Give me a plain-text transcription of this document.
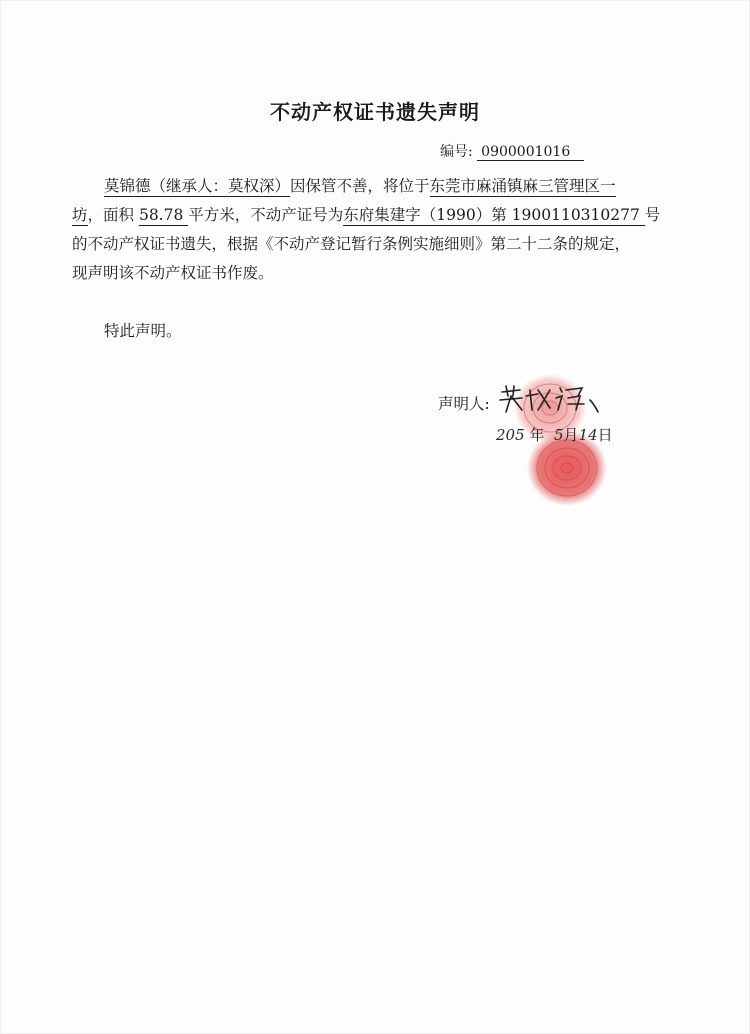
不动产权证书遗失声明
编号: 0900001016

莫锦德（继承人：莫权深）因保管不善，将位于东莞市麻涌镇麻三管理区一

坊，面积 58.78 平方米，不动产证号为东府集建字（1990）第 1900110310277 号

的不动产权证书遗失，根据《不动产登记暂行条例实施细则》第二十二条的规定，

现声明该不动产权证书作废。

特此声明。
声明人:
205 年 5月14日
